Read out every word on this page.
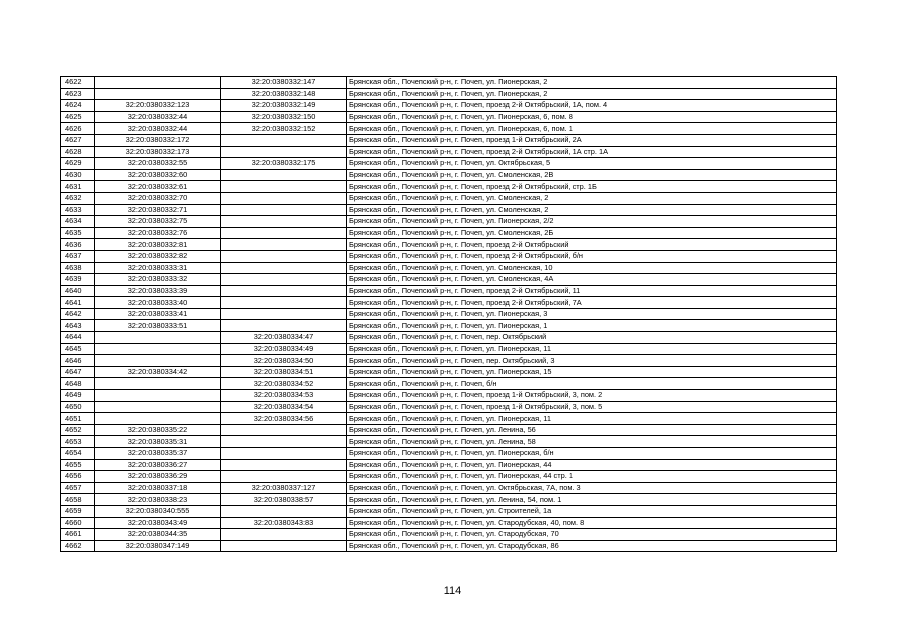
4622		32:20:0380332:147	Брянская обл., Почепский р-н, г. Почеп, ул. Пионерская, 2
4623		32:20:0380332:148	Брянская обл., Почепский р-н, г. Почеп, ул. Пионерская, 2
4624	32:20:0380332:123	32:20:0380332:149	Брянская обл., Почепский р-н, г. Почеп, проезд 2-й Октябрьский, 1А, пом. 4
4625	32:20:0380332:44	32:20:0380332:150	Брянская обл., Почепский р-н, г. Почеп, ул. Пионерская, 6, пом. 8
4626	32:20:0380332:44	32:20:0380332:152	Брянская обл., Почепский р-н, г. Почеп, ул. Пионерская, 6, пом. 1
4627	32:20:0380332:172		Брянская обл., Почепский р-н, г. Почеп, проезд 1-й Октябрьский, 2А
4628	32:20:0380332:173		Брянская обл., Почепский р-н, г. Почеп, проезд 2-й Октябрьский, 1А стр. 1А
4629	32:20:0380332:55	32:20:0380332:175	Брянская обл., Почепский р-н, г. Почеп, ул. Октябрьская, 5
4630	32:20:0380332:60		Брянская обл., Почепский р-н, г. Почеп, ул. Смоленская, 2В
4631	32:20:0380332:61		Брянская обл., Почепский р-н, г. Почеп, проезд 2-й Октябрьский, стр. 1Б
4632	32:20:0380332:70		Брянская обл., Почепский р-н, г. Почеп, ул. Смоленская, 2
4633	32:20:0380332:71		Брянская обл., Почепский р-н, г. Почеп, ул. Смоленская, 2
4634	32:20:0380332:75		Брянская обл., Почепский р-н, г. Почеп, ул. Пионерская, 2/2
4635	32:20:0380332:76		Брянская обл., Почепский р-н, г. Почеп, ул. Смоленская, 2Б
4636	32:20:0380332:81		Брянская обл., Почепский р-н, г. Почеп, проезд 2-й Октябрьский
4637	32:20:0380332:82		Брянская обл., Почепский р-н, г. Почеп, проезд 2-й Октябрьский, б/н
4638	32:20:0380333:31		Брянская обл., Почепский р-н, г. Почеп, ул. Смоленская, 10
4639	32:20:0380333:32		Брянская обл., Почепский р-н, г. Почеп, ул. Смоленская, 4А
4640	32:20:0380333:39		Брянская обл., Почепский р-н, г. Почеп, проезд 2-й Октябрьский, 11
4641	32:20:0380333:40		Брянская обл., Почепский р-н, г. Почеп, проезд 2-й Октябрьский, 7А
4642	32:20:0380333:41		Брянская обл., Почепский р-н, г. Почеп, ул. Пионерская, 3
4643	32:20:0380333:51		Брянская обл., Почепский р-н, г. Почеп, ул. Пионерская, 1
4644		32:20:0380334:47	Брянская обл., Почепский р-н, г. Почеп, пер. Октябрьский
4645		32:20:0380334:49	Брянская обл., Почепский р-н, г. Почеп, ул. Пионерская, 11
4646		32:20:0380334:50	Брянская обл., Почепский р-н, г. Почеп, пер. Октябрьский, 3
4647	32:20:0380334:42	32:20:0380334:51	Брянская обл., Почепский р-н, г. Почеп, ул. Пионерская, 15
4648		32:20:0380334:52	Брянская обл., Почепский р-н, г. Почеп, б/н
4649		32:20:0380334:53	Брянская обл., Почепский р-н, г. Почеп, проезд 1-й Октябрьский, 3, пом. 2
4650		32:20:0380334:54	Брянская обл., Почепский р-н, г. Почеп, проезд 1-й Октябрьский, 3, пом. 5
4651		32:20:0380334:56	Брянская обл., Почепский р-н, г. Почеп, ул. Пионерская, 11
4652	32:20:0380335:22		Брянская обл., Почепский р-н, г. Почеп, ул. Ленина, 56
4653	32:20:0380335:31		Брянская обл., Почепский р-н, г. Почеп, ул. Ленина, 58
4654	32:20:0380335:37		Брянская обл., Почепский р-н, г. Почеп, ул. Пионерская, б/н
4655	32:20:0380336:27		Брянская обл., Почепский р-н, г. Почеп, ул. Пионерская, 44
4656	32:20:0380336:29		Брянская обл., Почепский р-н, г. Почеп, ул. Пионерская, 44 стр. 1
4657	32:20:0380337:18	32:20:0380337:127	Брянская обл., Почепский р-н, г. Почеп, ул. Октябрьская, 7А, пом. 3
4658	32:20:0380338:23	32:20:0380338:57	Брянская обл., Почепский р-н, г. Почеп, ул. Ленина, 54, пом. 1
4659	32:20:0380340:555		Брянская обл., Почепский р-н, г. Почеп, ул. Строителей, 1а
4660	32:20:0380343:49	32:20:0380343:83	Брянская обл., Почепский р-н, г. Почеп, ул. Стародубская, 40, пом. 8
4661	32:20:0380344:35		Брянская обл., Почепский р-н, г. Почеп, ул. Стародубская, 70
4662	32:20:0380347:149		Брянская обл., Почепский р-н, г. Почеп, ул. Стародубская, 86
114
